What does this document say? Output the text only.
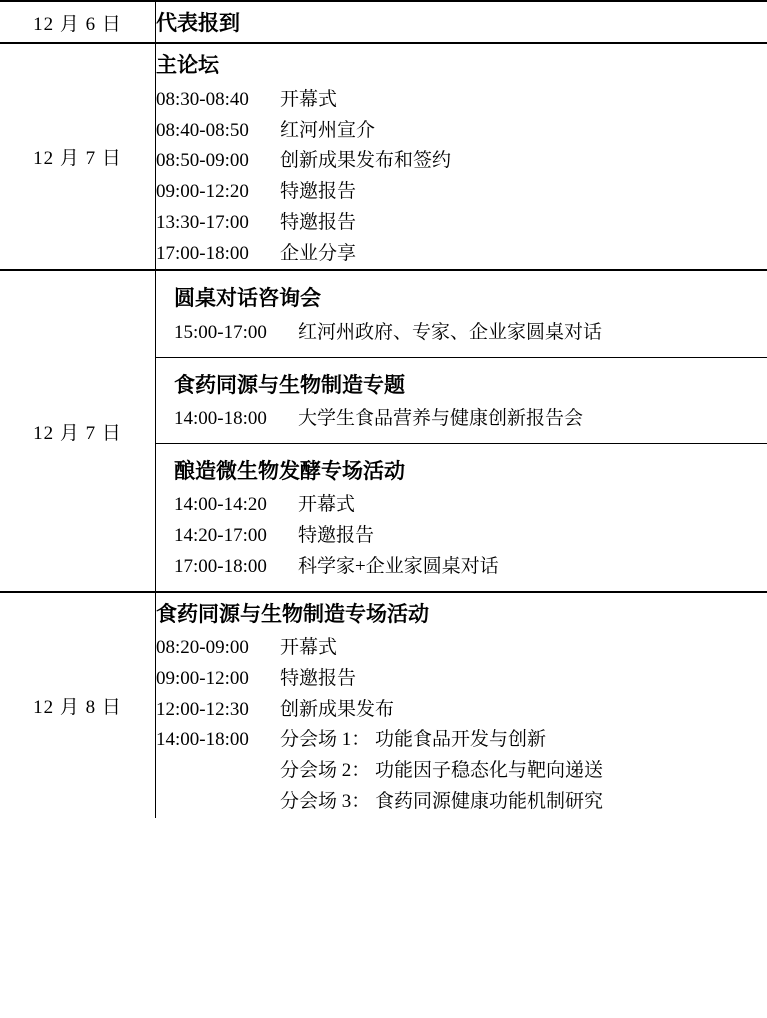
12 月 6 日	代表报到

12 月 7 日	
主论坛
08:30-08:40 开幕式
08:40-08:50 红河州宣介
08:50-09:00 创新成果发布和签约
09:00-12:20 特邀报告
13:30-17:00 特邀报告
17:00-18:00 企业分享

12 月 7 日	
圆桌对话咨询会
15:00-17:00 红河州政府、专家、企业家圆桌对话

食药同源与生物制造专题
14:00-18:00 大学生食品营养与健康创新报告会

酿造微生物发酵专场活动
14:00-14:20 开幕式
14:20-17:00 特邀报告
17:00-18:00 科学家+企业家圆桌对话

12 月 8 日	
食药同源与生物制造专场活动
08:20-09:00 开幕式
09:00-12:00 特邀报告
12:00-12:30 创新成果发布
14:00-18:00 分会场 1： 功能食品开发与创新
分会场 2： 功能因子稳态化与靶向递送
分会场 3： 食药同源健康功能机制研究
